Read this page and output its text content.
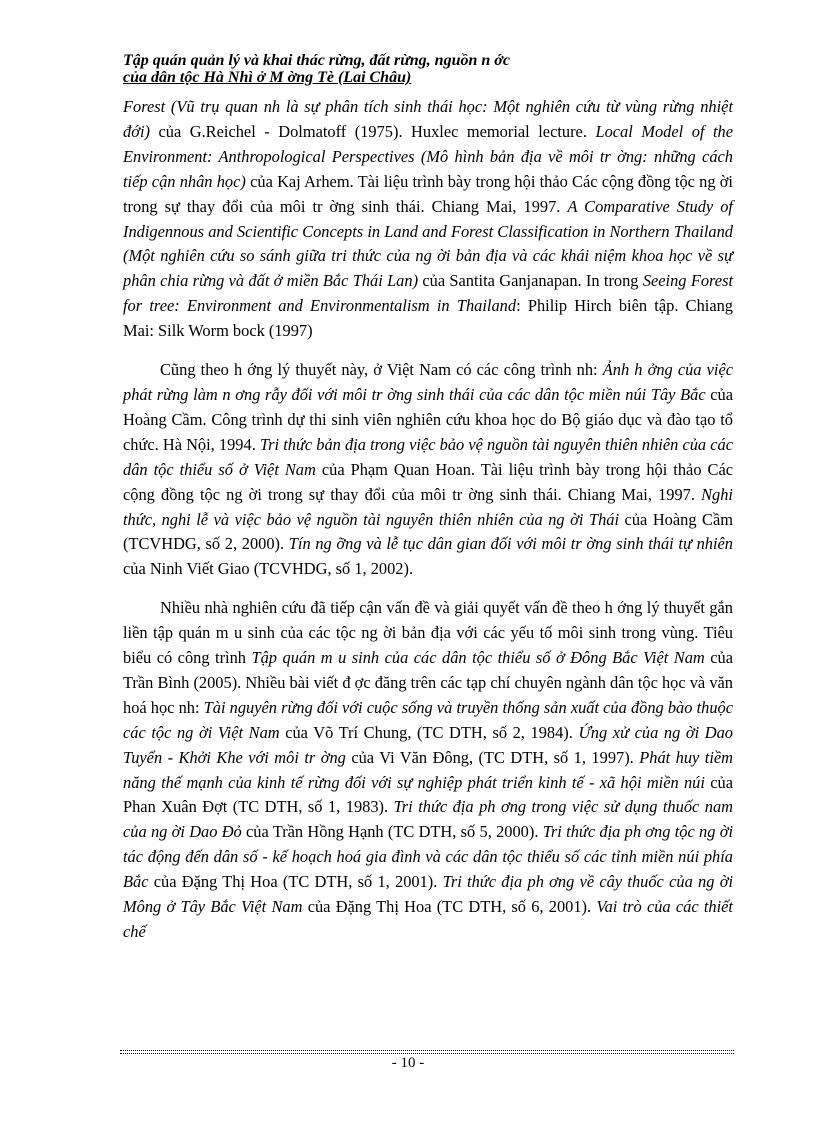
Tập quán quản lý và khai thác rừng, đất rừng, nguồn n ớc
của dân tộc Hà Nhì ở M ờng Tè (Lai Châu)

Forest (Vũ trụ quan nh là sự phân tích sinh thái học: Một nghiên cứu từ vùng rừng nhiệt đới) của G.Reichel - Dolmatoff (1975). Huxlec memorial lecture. Local Model of the Environment: Anthropological Perspectives (Mô hình bản địa về môi tr ờng: những cách tiếp cận nhân học) của Kaj Arhem. Tài liệu trình bày trong hội thảo Các cộng đồng tộc ng ời trong sự thay đổi của môi tr ờng sinh thái. Chiang Mai, 1997. A Comparative Study of Indigennous and Scientific Concepts in Land and Forest Classification in Northern Thailand (Một nghiên cứu so sánh giữa tri thức của ng ời bản địa và các khái niệm khoa học về sự phân chia rừng và đất ở miền Bắc Thái Lan) của Santita Ganjanapan. In trong Seeing Forest for tree: Environment and Environmentalism in Thailand: Philip Hirch biên tập. Chiang Mai: Silk Worm bock (1997)

Cũng theo h ớng lý thuyết này, ở Việt Nam có các công trình nh: Ảnh h ởng của việc phát rừng làm n ơng rẫy đối với môi tr ờng sinh thái của các dân tộc miền núi Tây Bắc của Hoàng Cầm. Công trình dự thi sinh viên nghiên cứu khoa học do Bộ giáo dục và đào tạo tổ chức. Hà Nội, 1994. Tri thức bản địa trong việc bảo vệ nguồn tài nguyên thiên nhiên của các dân tộc thiểu số ở Việt Nam của Phạm Quan Hoan. Tài liệu trình bày trong hội thảo Các cộng đồng tộc ng ời trong sự thay đổi của môi tr ờng sinh thái. Chiang Mai, 1997. Nghi thức, nghi lễ và việc bảo vệ nguồn tài nguyên thiên nhiên của ng ời Thái của Hoàng Cầm (TCVHDG, số 2, 2000). Tín ng ỡng và lễ tục dân gian đối với môi tr ờng sinh thái tự nhiên của Ninh Viết Giao (TCVHDG, số 1, 2002).

Nhiều nhà nghiên cứu đã tiếp cận vấn đề và giải quyết vấn đề theo h ớng lý thuyết gắn liền tập quán m u sinh của các tộc ng ời bản địa với các yếu tố môi sinh trong vùng. Tiêu biểu có công trình Tập quán m u sinh của các dân tộc thiểu số ở Đông Bắc Việt Nam của Trần Bình (2005). Nhiều bài viết đ ợc đăng trên các tạp chí chuyên ngành dân tộc học và văn hoá học nh: Tài nguyên rừng đối với cuộc sống và truyền thống sản xuất của đồng bào thuộc các tộc ng ời Việt Nam của Võ Trí Chung, (TC DTH, số 2, 1984). Ứng xử của ng ời Dao Tuyển - Khởi Khe với môi tr ờng của Vi Văn Đông, (TC DTH, số 1, 1997). Phát huy tiềm năng thế mạnh của kinh tế rừng đối với sự nghiệp phát triển kinh tế - xã hội miền núi của Phan Xuân Đợt (TC DTH, số 1, 1983). Tri thức địa ph ơng trong việc sử dụng thuốc nam của ng ời Dao Đỏ của Trần Hồng Hạnh (TC DTH, số 5, 2000). Tri thức địa ph ơng tộc ng ời tác động đến dân số - kế hoạch hoá gia đình và các dân tộc thiểu số các tỉnh miền núi phía Bắc của Đặng Thị Hoa (TC DTH, số 1, 2001). Tri thức địa ph ơng về cây thuốc của ng ời Mông ở Tây Bắc Việt Nam của Đặng Thị Hoa (TC DTH, số 6, 2001). Vai trò của các thiết chế

- 10 -
